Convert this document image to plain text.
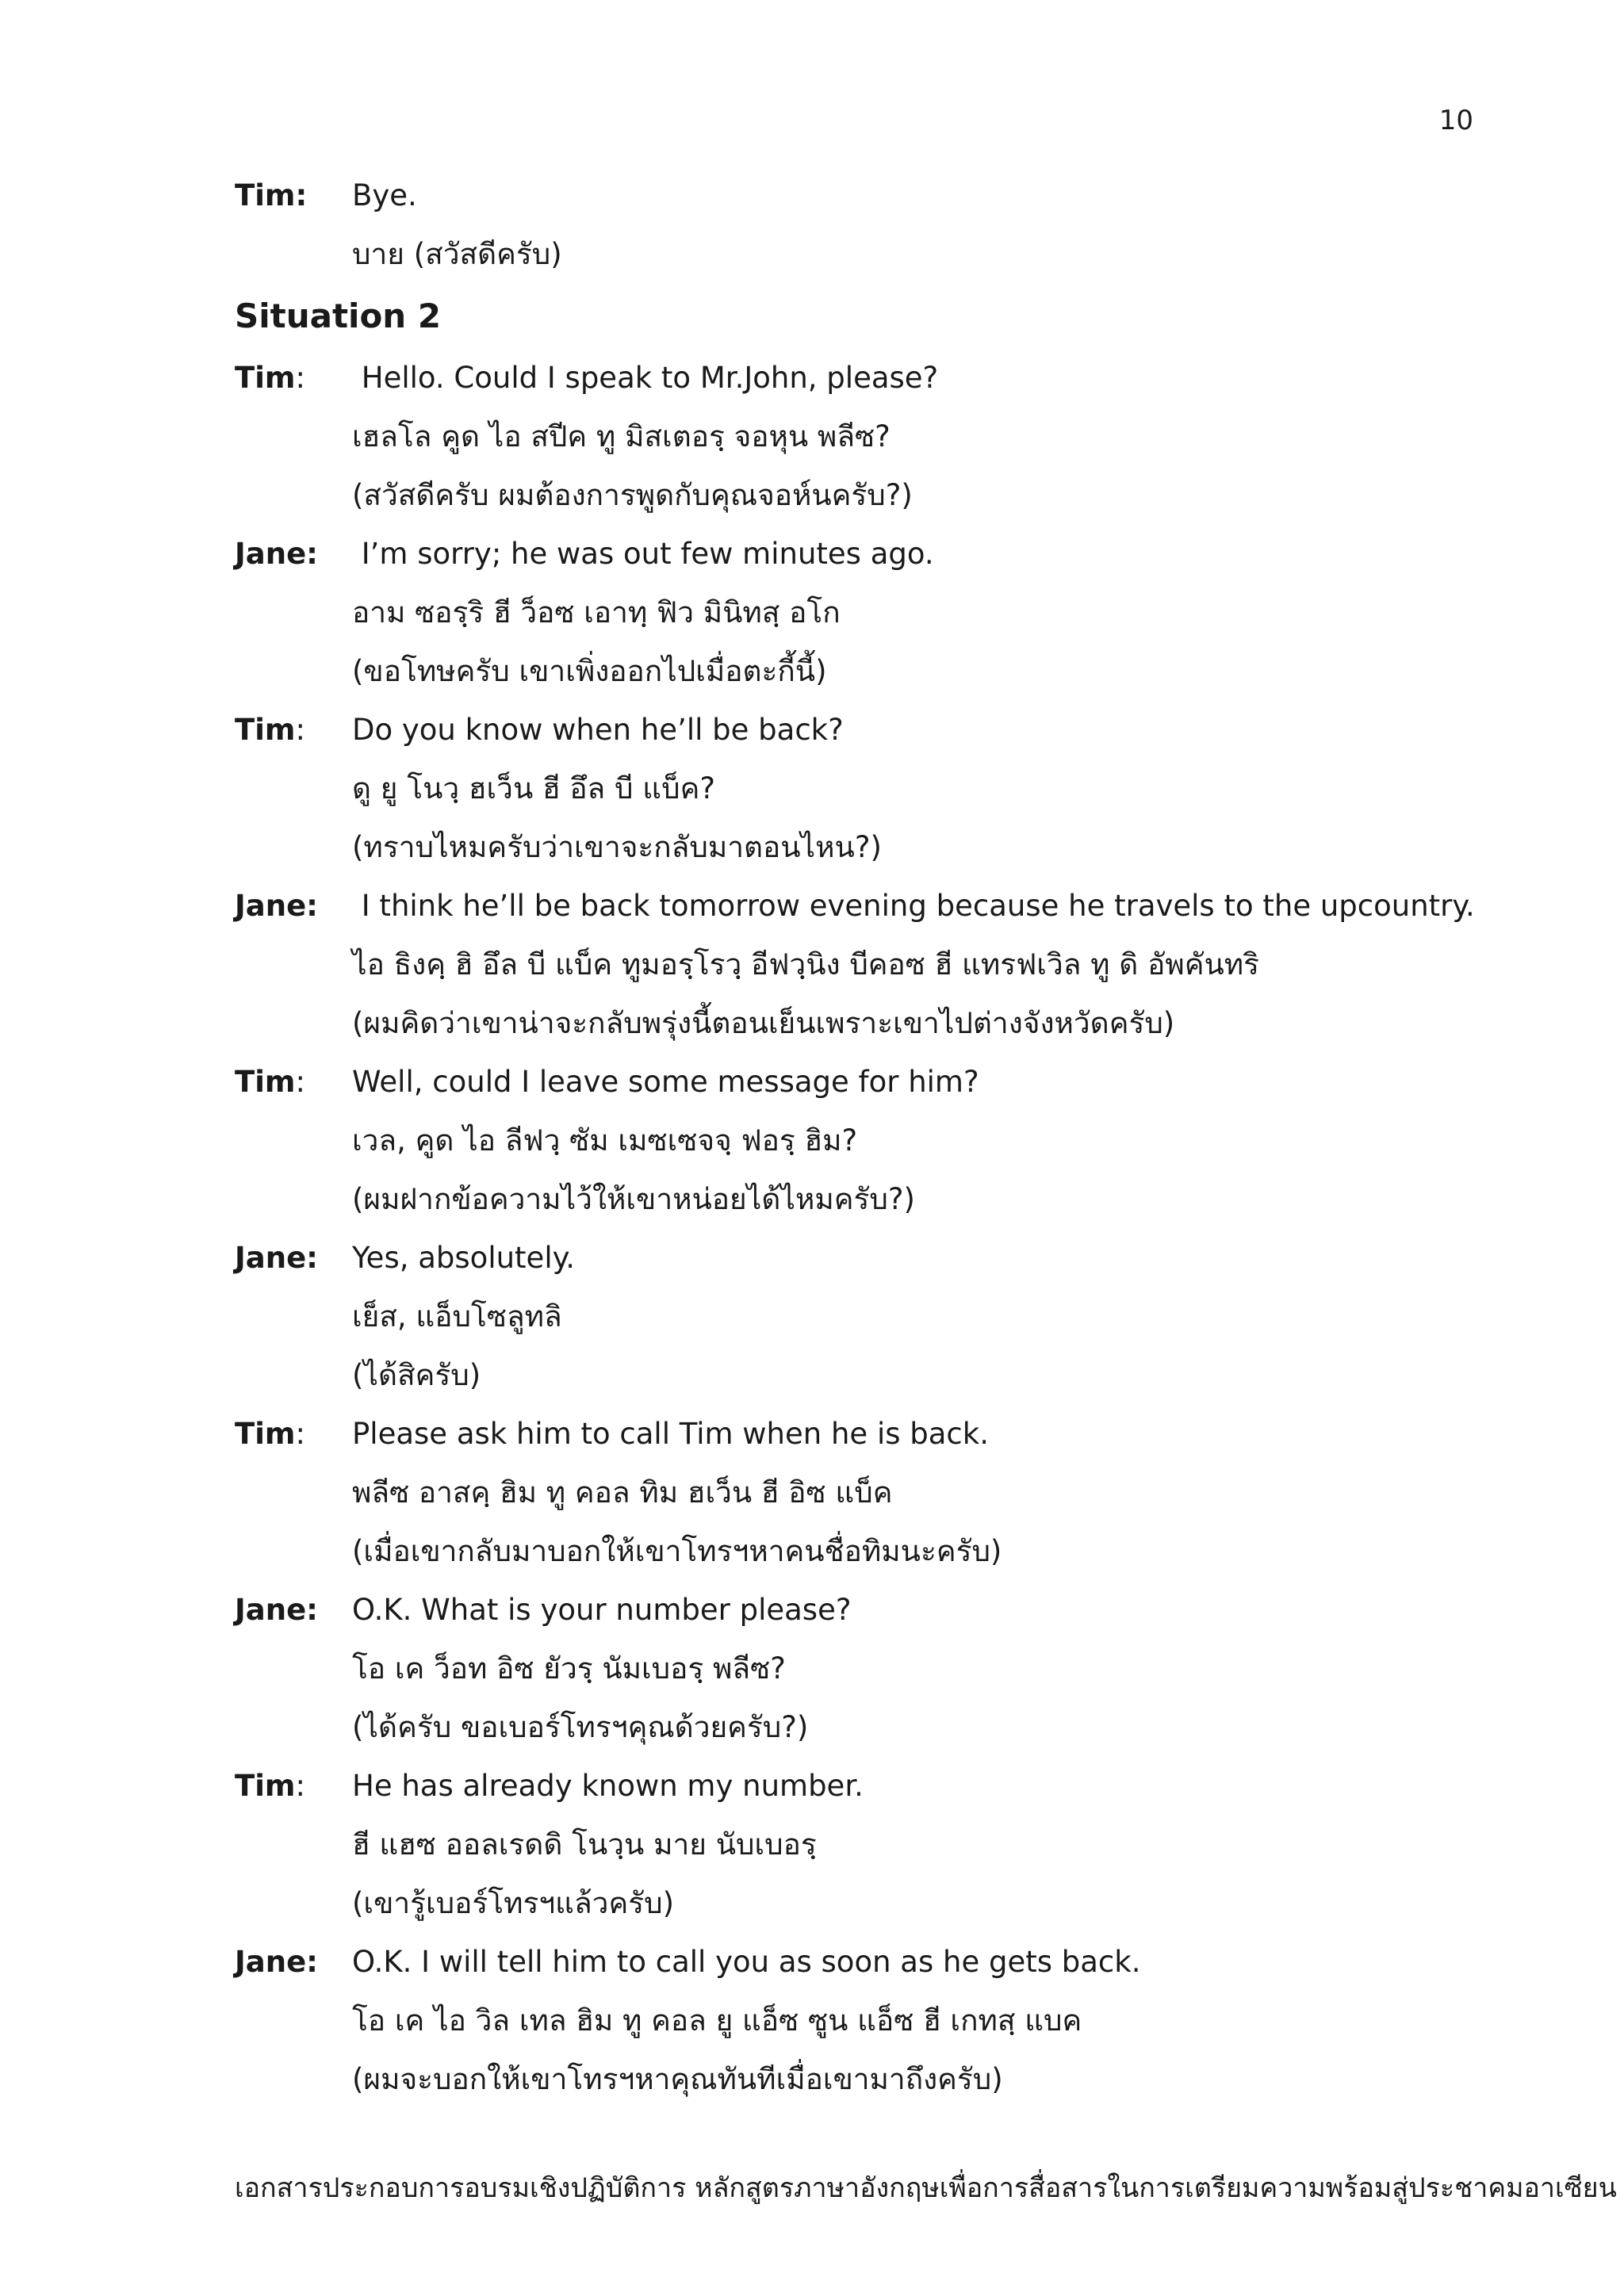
10
Tim:	Bye.
บาย (สวัสดีครับ)
Situation 2
Tim:	Hello. Could I speak to Mr.John, please?
เฮลโล คูด ไอ สปีค ทู มิสเตอรฺ จอหุน พลีซ?
(สวัสดีครับ ผมต้องการพูดกับคุณจอห์นครับ?)
Jane:	I’m sorry; he was out few minutes ago.
อาม ซอรฺริ ฮี ว็อซ เอาทฺ ฟิว มินิทสฺ อโก
(ขอโทษครับ เขาเพิ่งออกไปเมื่อตะกี้นี้)
Tim:	Do you know when he’ll be back?
ดู ยู โนวฺ ฮเว็น ฮี อึล บี แบ็ค?
(ทราบไหมครับว่าเขาจะกลับมาตอนไหน?)
Jane:	I think he’ll be back tomorrow evening because he travels to the upcountry.
ไอ ธิงคฺ ฮิ อึล บี แบ็ค ทูมอรฺโรวฺ อีฟวฺนิง บีคอซ ฮี แทรฟเวิล ทู ดิ อัพคันทริ
(ผมคิดว่าเขาน่าจะกลับพรุ่งนี้ตอนเย็นเพราะเขาไปต่างจังหวัดครับ)
Tim:	Well, could I leave some message for him?
เวล, คูด ไอ ลีฟวฺ ซัม เมซเซจจฺ ฟอรฺ ฮิม?
(ผมฝากข้อความไว้ให้เขาหน่อยได้ไหมครับ?)
Jane:	Yes, absolutely.
เย็ส, แอ็บโซลูทลิ
(ได้สิครับ)
Tim:	Please ask him to call Tim when he is back.
พลีซ อาสคฺ ฮิม ทู คอล ทิม ฮเว็น ฮี อิซ แบ็ค
(เมื่อเขากลับมาบอกให้เขาโทรฯหาคนชื่อทิมนะครับ)
Jane:	O.K. What is your number please?
โอ เค ว็อท อิซ ยัวรฺ นัมเบอรฺ พลีซ?
(ได้ครับ ขอเบอร์โทรฯคุณด้วยครับ?)
Tim:	He has already known my number.
ฮี แฮซ ออลเรดดิ โนวฺน มาย นับเบอรฺ
(เขารู้เบอร์โทรฯแล้วครับ)
Jane:	O.K. I will tell him to call you as soon as he gets back.
โอ เค ไอ วิล เทล ฮิม ทู คอล ยู แอ็ซ ซูน แอ็ซ ฮี เกทสฺ แบค
(ผมจะบอกให้เขาโทรฯหาคุณทันทีเมื่อเขามาถึงครับ)
เอกสารประกอบการอบรมเชิงปฏิบัติการ หลักสูตรภาษาอังกฤษเพื่อการสื่อสารในการเตรียมความพร้อมสู่ประชาคมอาเซียน
